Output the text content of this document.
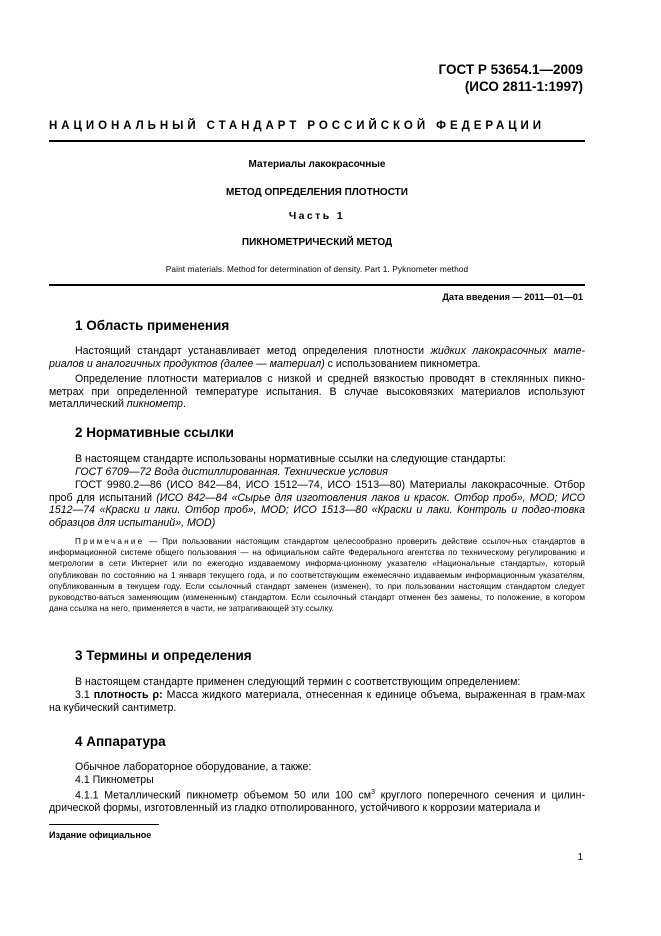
ГОСТ Р 53654.1—2009
(ИСО 2811-1:1997)
НАЦИОНАЛЬНЫЙ СТАНДАРТ РОССИЙСКОЙ ФЕДЕРАЦИИ
Материалы лакокрасочные
МЕТОД ОПРЕДЕЛЕНИЯ ПЛОТНОСТИ
Часть 1
ПИКНОМЕТРИЧЕСКИЙ МЕТОД
Paint materials. Method for determination of density. Part 1. Pyknometer method
Дата введения — 2011—01—01
1 Область применения
Настоящий стандарт устанавливает метод определения плотности жидких лакокрасочных мате-риалов и аналогичных продуктов (далее — материал) с использованием пикнометра.
Определение плотности материалов с низкой и средней вязкостью проводят в стеклянных пикно-метрах при определенной температуре испытания. В случае высоковязких материалов используют металлический пикнометр.
2 Нормативные ссылки
В настоящем стандарте использованы нормативные ссылки на следующие стандарты:
ГОСТ 6709—72 Вода дистиллированная. Технические условия
ГОСТ 9980.2—86 (ИСО 842—84, ИСО 1512—74, ИСО 1513—80) Материалы лакокрасочные. Отбор проб для испытаний (ИСО 842—84 «Сырье для изготовления лаков и красок. Отбор проб», MOD; ИСО 1512—74 «Краски и лаки. Отбор проб», MOD; ИСО 1513—80 «Краски и лаки. Контроль и подго-товка образцов для испытаний», MOD)
Примечание — При пользовании настоящим стандартом целесообразно проверить действие ссылоч-ных стандартов в информационной системе общего пользования — на официальном сайте Федерального агентства по техническому регулированию и метрологии в сети Интернет или по ежегодно издаваемому информа-ционному указателю «Национальные стандарты», который опубликован по состоянию на 1 января текущего года, и по соответствующим ежемесячно издаваемым информационным указателям, опубликованным в текущем году. Если ссылочный стандарт заменен (изменен), то при пользовании настоящим стандартом следует руководство-ваться заменяющим (измененным) стандартом. Если ссылочный стандарт отменен без замены, то положение, в котором дана ссылка на него, применяется в части, не затрагивающей эту ссылку.
3 Термины и определения
В настоящем стандарте применен следующий термин с соответствующим определением:
3.1 плотность ρ: Масса жидкого материала, отнесенная к единице объема, выраженная в грам-мах на кубический сантиметр.
4 Аппаратура
Обычное лабораторное оборудование, а также:
4.1 Пикнометры
4.1.1 Металлический пикнометр объемом 50 или 100 $см^3$ круглого поперечного сечения и цилин-дрической формы, изготовленный из гладко отполированного, устойчивого к коррозии материала и
Издание официальное
1
